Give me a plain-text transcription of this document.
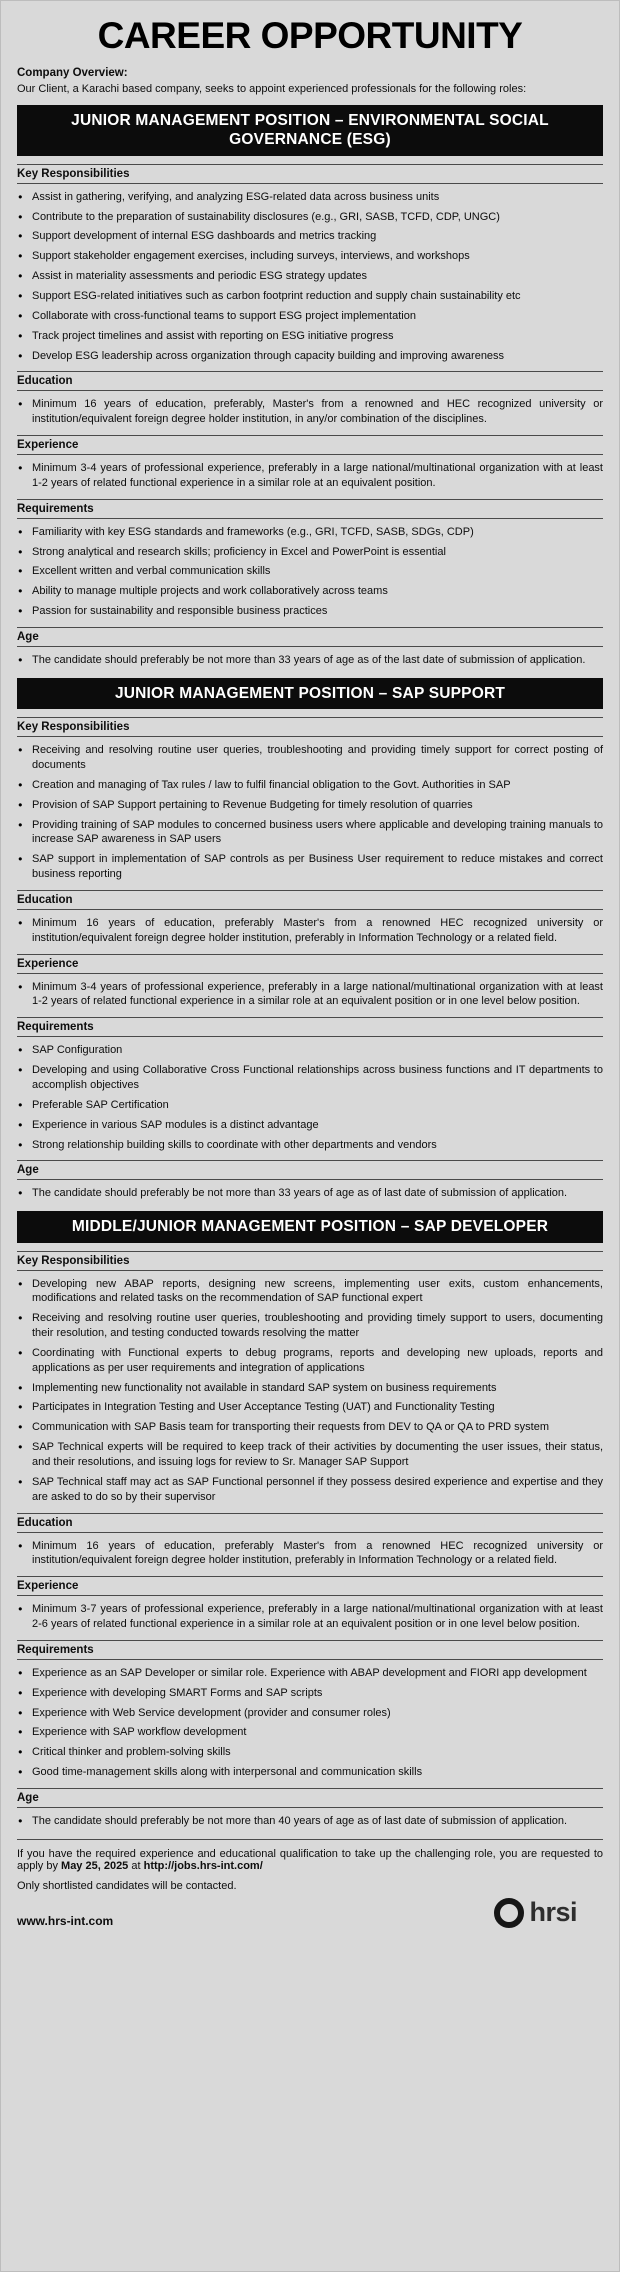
CAREER OPPORTUNITY
Company Overview:

Our Client, a Karachi based company, seeks to appoint experienced professionals for the following roles:

JUNIOR MANAGEMENT POSITION – ENVIRONMENTAL SOCIAL GOVERNANCE (ESG)
Key Responsibilities
● Assist in gathering, verifying, and analyzing ESG-related data across business units
● Contribute to the preparation of sustainability disclosures (e.g., GRI, SASB, TCFD, CDP, UNGC)
● Support development of internal ESG dashboards and metrics tracking
● Support stakeholder engagement exercises, including surveys, interviews, and workshops
● Assist in materiality assessments and periodic ESG strategy updates
● Support ESG-related initiatives such as carbon footprint reduction and supply chain sustainability etc
● Collaborate with cross-functional teams to support ESG project implementation
● Track project timelines and assist with reporting on ESG initiative progress
● Develop ESG leadership across organization through capacity building and improving awareness
Education
● Minimum 16 years of education, preferably, Master's from a renowned and HEC recognized university or institution/equivalent foreign degree holder institution, in any/or combination of the disciplines.
Experience
● Minimum 3-4 years of professional experience, preferably in a large national/multinational organization with at least 1-2 years of related functional experience in a similar role at an equivalent position.
Requirements
● Familiarity with key ESG standards and frameworks (e.g., GRI, TCFD, SASB, SDGs, CDP)
● Strong analytical and research skills; proficiency in Excel and PowerPoint is essential
● Excellent written and verbal communication skills
● Ability to manage multiple projects and work collaboratively across teams
● Passion for sustainability and responsible business practices
Age
● The candidate should preferably be not more than 33 years of age as of the last date of submission of application.
JUNIOR MANAGEMENT POSITION – SAP SUPPORT
Key Responsibilities
● Receiving and resolving routine user queries, troubleshooting and providing timely support for correct posting of documents
● Creation and managing of Tax rules / law to fulfil financial obligation to the Govt. Authorities in SAP
● Provision of SAP Support pertaining to Revenue Budgeting for timely resolution of quarries
● Providing training of SAP modules to concerned business users where applicable and developing training manuals to increase SAP awareness in SAP users
● SAP support in implementation of SAP controls as per Business User requirement to reduce mistakes and correct business reporting
Education
● Minimum 16 years of education, preferably Master's from a renowned HEC recognized university or institution/equivalent foreign degree holder institution, preferably in Information Technology or a related field.
Experience
● Minimum 3-4 years of professional experience, preferably in a large national/multinational organization with at least 1-2 years of related functional experience in a similar role at an equivalent position or in one level below position.
Requirements
● SAP Configuration
● Developing and using Collaborative Cross Functional relationships across business functions and IT departments to accomplish objectives
● Preferable SAP Certification
● Experience in various SAP modules is a distinct advantage
● Strong relationship building skills to coordinate with other departments and vendors
Age
● The candidate should preferably be not more than 33 years of age as of last date of submission of application.
MIDDLE/JUNIOR MANAGEMENT POSITION – SAP DEVELOPER
Key Responsibilities
● Developing new ABAP reports, designing new screens, implementing user exits, custom enhancements, modifications and related tasks on the recommendation of SAP functional expert
● Receiving and resolving routine user queries, troubleshooting and providing timely support to users, documenting their resolution, and testing conducted towards resolving the matter
● Coordinating with Functional experts to debug programs, reports and developing new uploads, reports and applications as per user requirements and integration of applications
● Implementing new functionality not available in standard SAP system on business requirements
● Participates in Integration Testing and User Acceptance Testing (UAT) and Functionality Testing
● Communication with SAP Basis team for transporting their requests from DEV to QA or QA to PRD system
● SAP Technical experts will be required to keep track of their activities by documenting the user issues, their status, and their resolutions, and issuing logs for review to Sr. Manager SAP Support
● SAP Technical staff may act as SAP Functional personnel if they possess desired experience and expertise and they are asked to do so by their supervisor
Education
● Minimum 16 years of education, preferably Master's from a renowned HEC recognized university or institution/equivalent foreign degree holder institution, preferably in Information Technology or a related field.
Experience
● Minimum 3-7 years of professional experience, preferably in a large national/multinational organization with at least 2-6 years of related functional experience in a similar role at an equivalent position or in one level below position.
Requirements
● Experience as an SAP Developer or similar role. Experience with ABAP development and FIORI app development
● Experience with developing SMART Forms and SAP scripts
● Experience with Web Service development (provider and consumer roles)
● Experience with SAP workflow development
● Critical thinker and problem-solving skills
● Good time-management skills along with interpersonal and communication skills
Age
● The candidate should preferably be not more than 40 years of age as of last date of submission of application.

If you have the required experience and educational qualification to take up the challenging role, you are requested to apply by May 25, 2025 at http://jobs.hrs-int.com/

Only shortlisted candidates will be contacted.

www.hrs-int.com	hrsi
